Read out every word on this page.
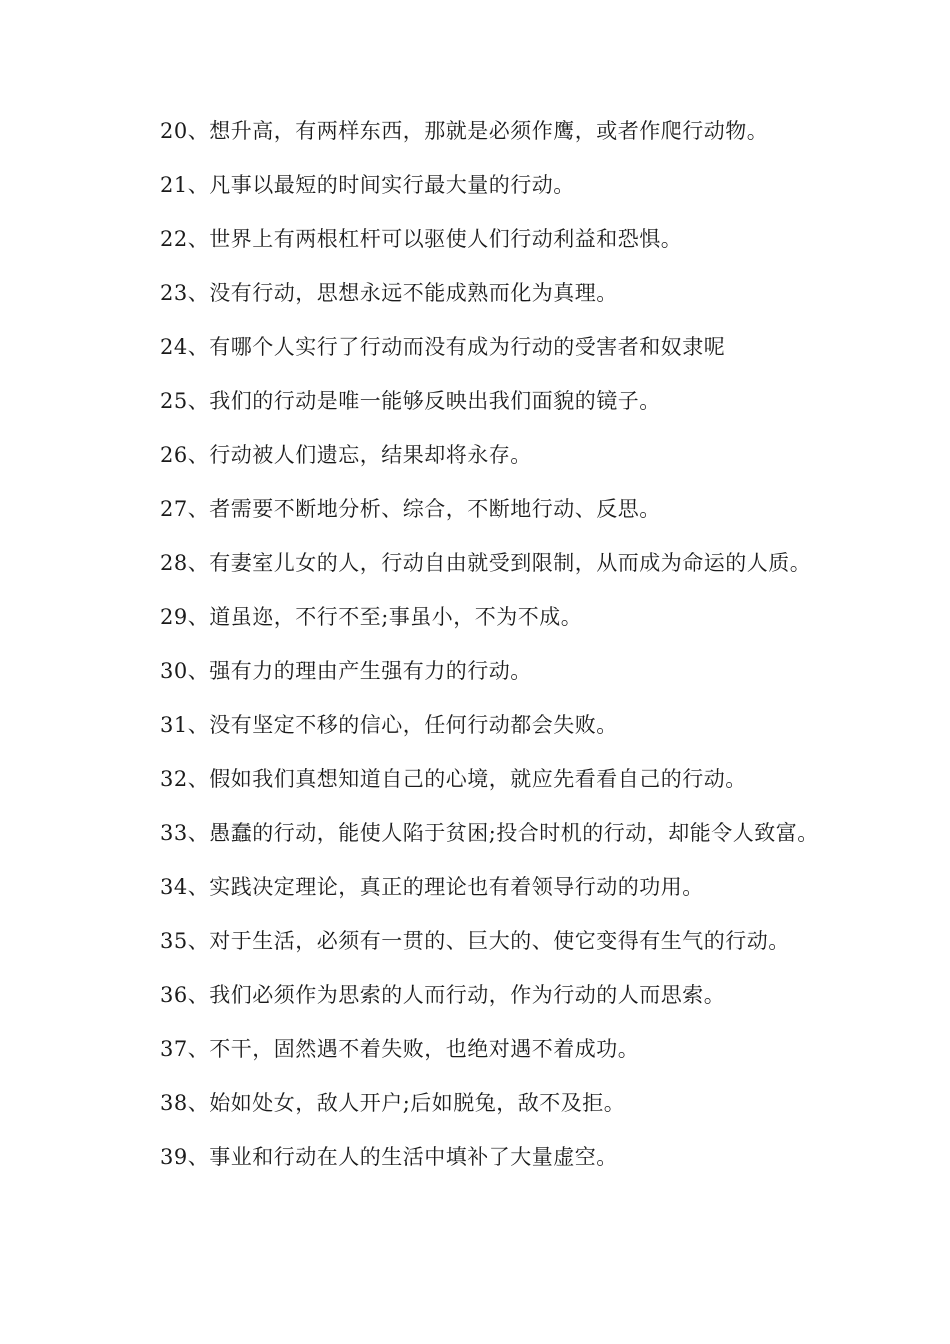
20、想升高，有两样东西，那就是必须作鹰，或者作爬行动物。

21、凡事以最短的时间实行最大量的行动。

22、世界上有两根杠杆可以驱使人们行动利益和恐惧。

23、没有行动，思想永远不能成熟而化为真理。

24、有哪个人实行了行动而没有成为行动的受害者和奴隶呢

25、我们的行动是唯一能够反映出我们面貌的镜子。

26、行动被人们遗忘，结果却将永存。

27、者需要不断地分析、综合，不断地行动、反思。

28、有妻室儿女的人，行动自由就受到限制，从而成为命运的人质。

29、道虽迩，不行不至;事虽小，不为不成。

30、强有力的理由产生强有力的行动。

31、没有坚定不移的信心，任何行动都会失败。

32、假如我们真想知道自己的心境，就应先看看自己的行动。

33、愚蠢的行动，能使人陷于贫困;投合时机的行动，却能令人致富。

34、实践决定理论，真正的理论也有着领导行动的功用。

35、对于生活，必须有一贯的、巨大的、使它变得有生气的行动。

36、我们必须作为思索的人而行动，作为行动的人而思索。

37、不干，固然遇不着失败，也绝对遇不着成功。

38、始如处女，敌人开户;后如脱兔，敌不及拒。

39、事业和行动在人的生活中填补了大量虚空。
